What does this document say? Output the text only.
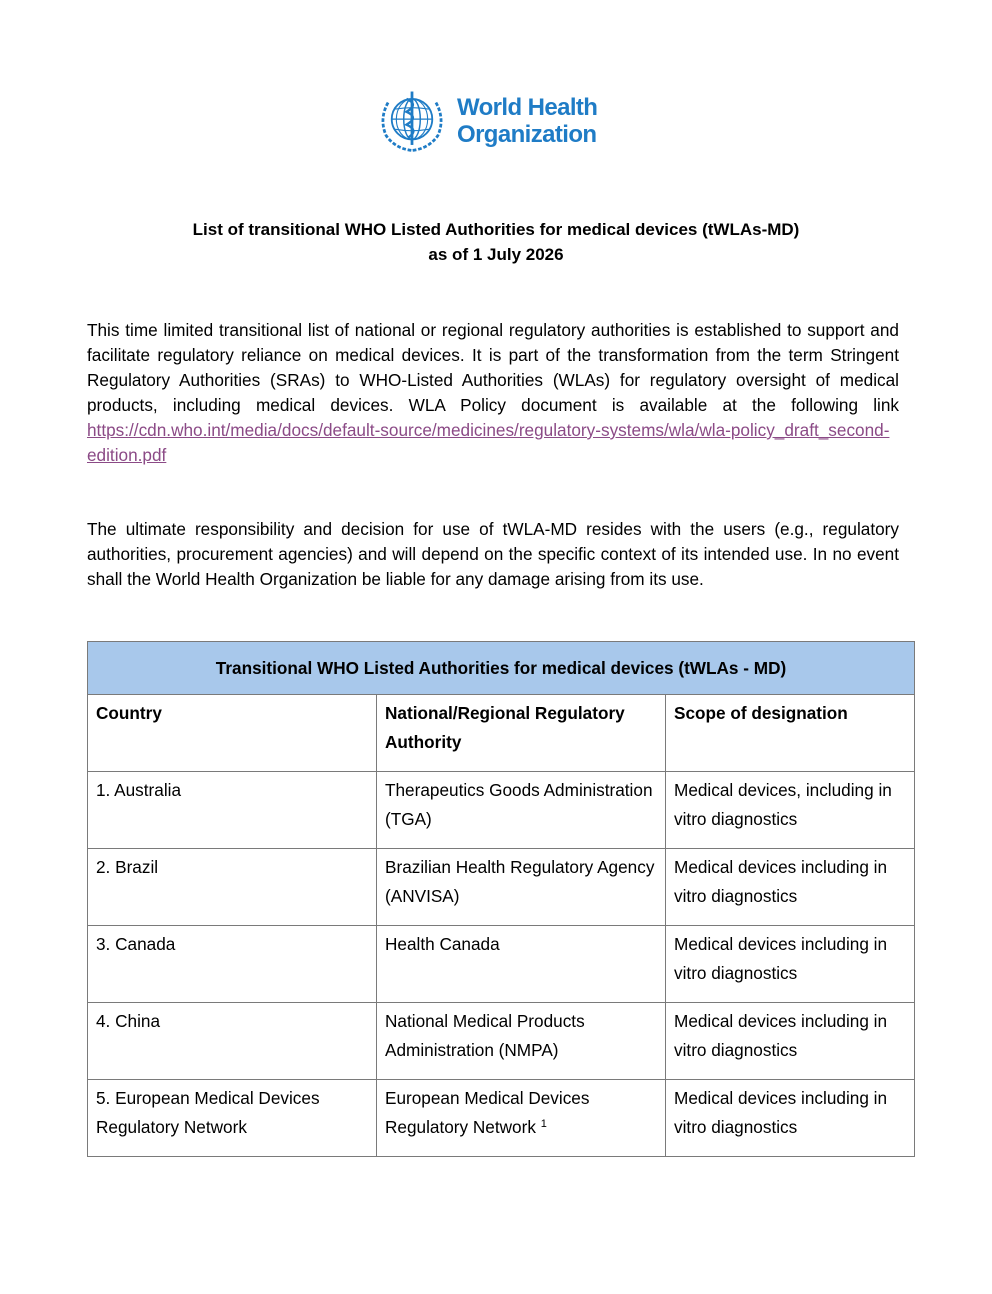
World Health
Organization
List of transitional WHO Listed Authorities for medical devices (tWLAs-MD)
as of 1 July 2026
This time limited transitional list of national or regional regulatory authorities is established to support and facilitate regulatory reliance on medical devices. It is part of the transformation from the term Stringent Regulatory Authorities (SRAs) to WHO-Listed Authorities (WLAs) for regulatory oversight of medical products, including medical devices. WLA Policy document is available at the following link https://cdn.who.int/media/docs/default-source/medicines/regulatory-systems/wla/wla-policy_draft_second-edition.pdf
The ultimate responsibility and decision for use of tWLA-MD resides with the users (e.g., regulatory authorities, procurement agencies) and will depend on the specific context of its intended use. In no event shall the World Health Organization be liable for any damage arising from its use.
Transitional WHO Listed Authorities for medical devices (tWLAs - MD)		
Country	National/Regional Regulatory Authority	Scope of designation
1. Australia	Therapeutics Goods Administration (TGA)	Medical devices, including in vitro diagnostics
2. Brazil	Brazilian Health Regulatory Agency (ANVISA)	Medical devices including in vitro diagnostics
3. Canada	Health Canada	Medical devices including in vitro diagnostics
4. China	National Medical Products Administration (NMPA)	Medical devices including in vitro diagnostics
5. European Medical Devices Regulatory Network	European Medical Devices Regulatory Network $^1$	Medical devices including in vitro diagnostics
